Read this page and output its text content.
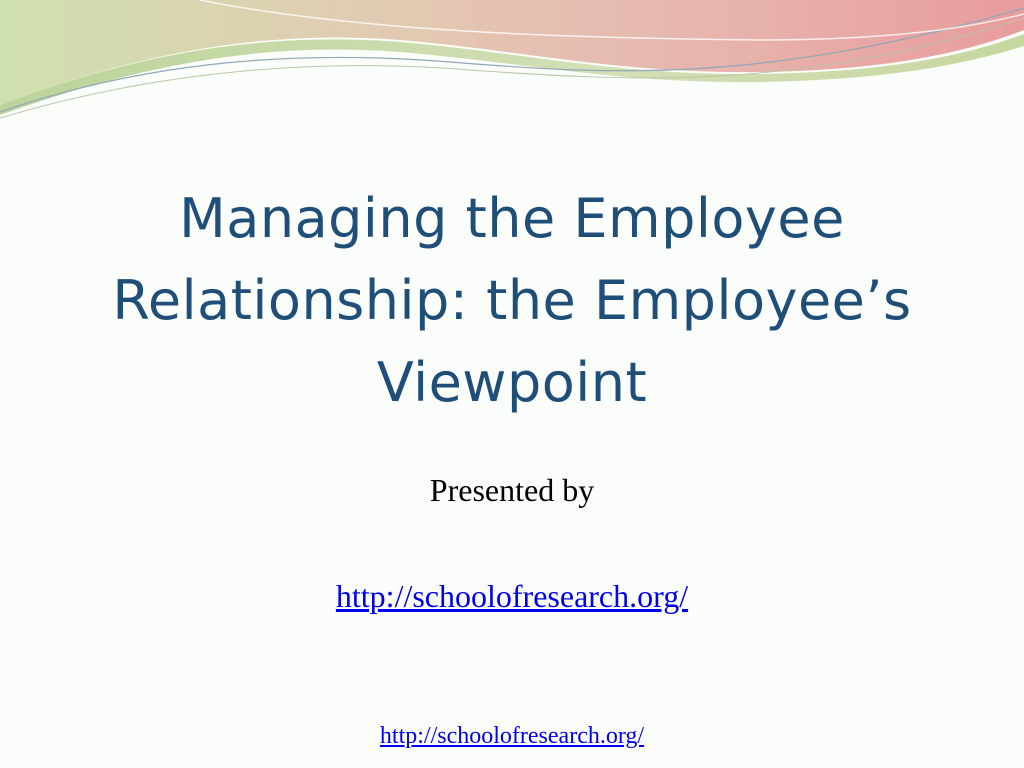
Managing the Employee
Relationship: the Employee’s
Viewpoint
Presented by
http://schoolofresearch.org/
http://schoolofresearch.org/
